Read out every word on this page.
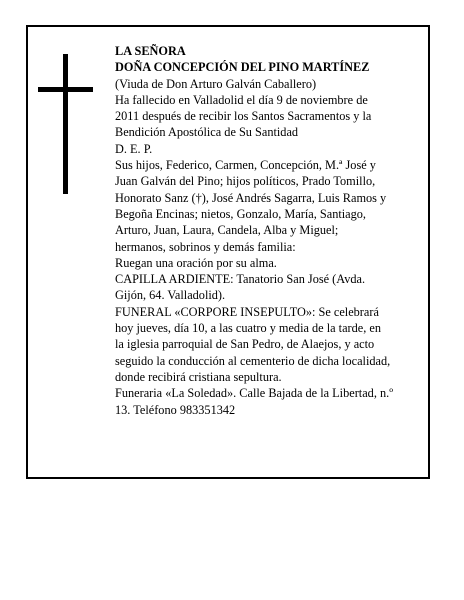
LA SEÑORA
DOÑA CONCEPCIÓN DEL PINO MARTÍNEZ
(Viuda de Don Arturo Galván Caballero)
Ha fallecido en Valladolid el día 9 de noviembre de
2011 después de recibir los Santos Sacramentos y la
Bendición Apostólica de Su Santidad
D. E. P.
Sus hijos, Federico, Carmen, Concepción, M.ª José y
Juan Galván del Pino; hijos políticos, Prado Tomillo,
Honorato Sanz (†), José Andrés Sagarra, Luis Ramos y
Begoña Encinas; nietos, Gonzalo, María, Santiago,
Arturo, Juan, Laura, Candela, Alba y Miguel;
hermanos, sobrinos y demás familia:
Ruegan una oración por su alma.
CAPILLA ARDIENTE: Tanatorio San José (Avda.
Gijón, 64. Valladolid).
FUNERAL «CORPORE INSEPULTO»: Se celebrará
hoy jueves, día 10, a las cuatro y media de la tarde, en
la iglesia parroquial de San Pedro, de Alaejos, y acto
seguido la conducción al cementerio de dicha localidad,
donde recibirá cristiana sepultura.
Funeraria «La Soledad». Calle Bajada de la Libertad, n.º
13. Teléfono 983351342
